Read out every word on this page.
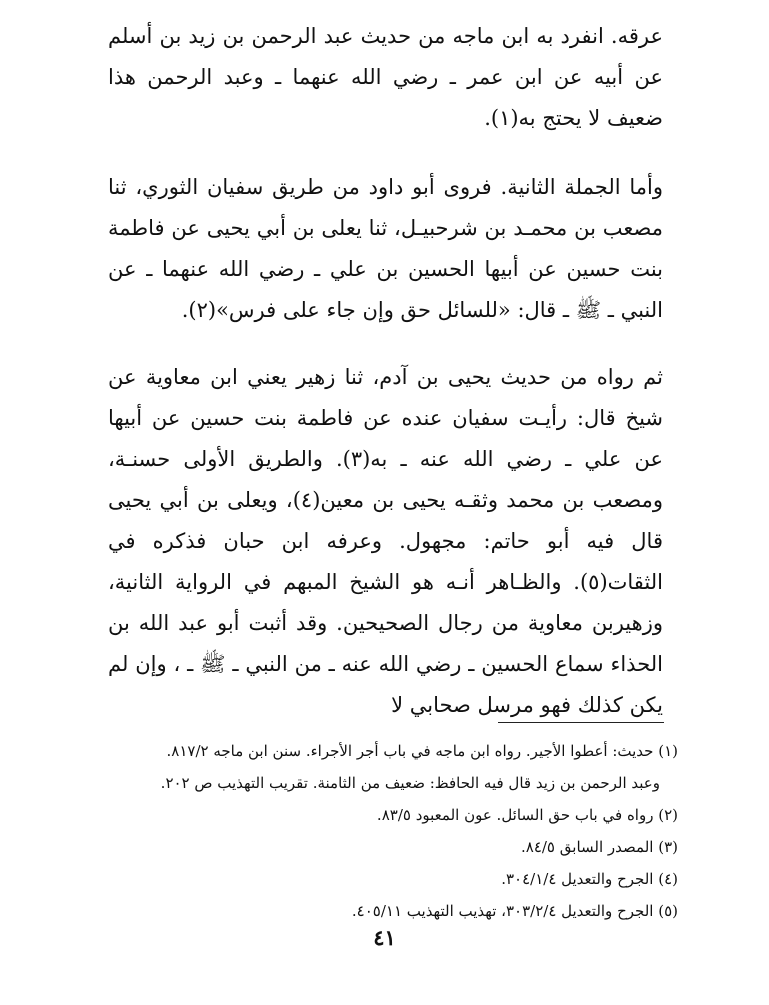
عرقه. انفرد به ابن ماجه من حديث عبد الرحمن بن زيد بن أسلم عن أبيه عن ابن عمر ـ رضي الله عنهما ـ وعبد الرحمن هذا ضعيف لا يحتج به(١).

وأما الجملة الثانية. فروى أبو داود من طريق سفيان الثوري، ثنا مصعب بن محمـد بن شرحبيـل، ثنا يعلى بن أبي يحيى عن فاطمة بنت حسين عن أبيها الحسين بن علي ـ رضي الله عنهما ـ عن النبي ـ ﷺ ـ قال: «للسائل حق وإن جاء على فرس»(٢).

ثم رواه من حديث يحيى بن آدم، ثنا زهير يعني ابن معاوية عن شيخ قال: رأيـت سفيان عنده عن فاطمة بنت حسين عن أبيها عن علي ـ رضي الله عنه ـ به(٣). والطريق الأولى حسنـة، ومصعب بن محمد وثقـه يحيى بن معين(٤)، ويعلى بن أبي يحيى قال فيه أبو حاتم: مجهول. وعرفه ابن حبان فذكره في الثقات(٥). والظـاهر أنـه هو الشيخ المبهم في الرواية الثانية، وزهيربن معاوية من رجال الصحيحين. وقد أثبت أبو عبد الله بن الحذاء سماع الحسين ـ رضي الله عنه ـ من النبي ـ ﷺ ـ ، وإن لم يكن كذلك فهو مرسل صحابي لا

(١) حديث: أعطوا الأجير. رواه ابن ماجه في باب أجر الأجراء. سنن ابن ماجه ٨١٧/٢.
وعبد الرحمن بن زيد قال فيه الحافظ: ضعيف من الثامنة. تقريب التهذيب ص ٢٠٢.
(٢) رواه في باب حق السائل. عون المعبود ٨٣/٥.
(٣) المصدر السابق ٨٤/٥.
(٤) الجرح والتعديل ٣٠٤/١/٤.
(٥) الجرح والتعديل ٣٠٣/٢/٤، تهذيب التهذيب ٤٠٥/١١.
٤١
